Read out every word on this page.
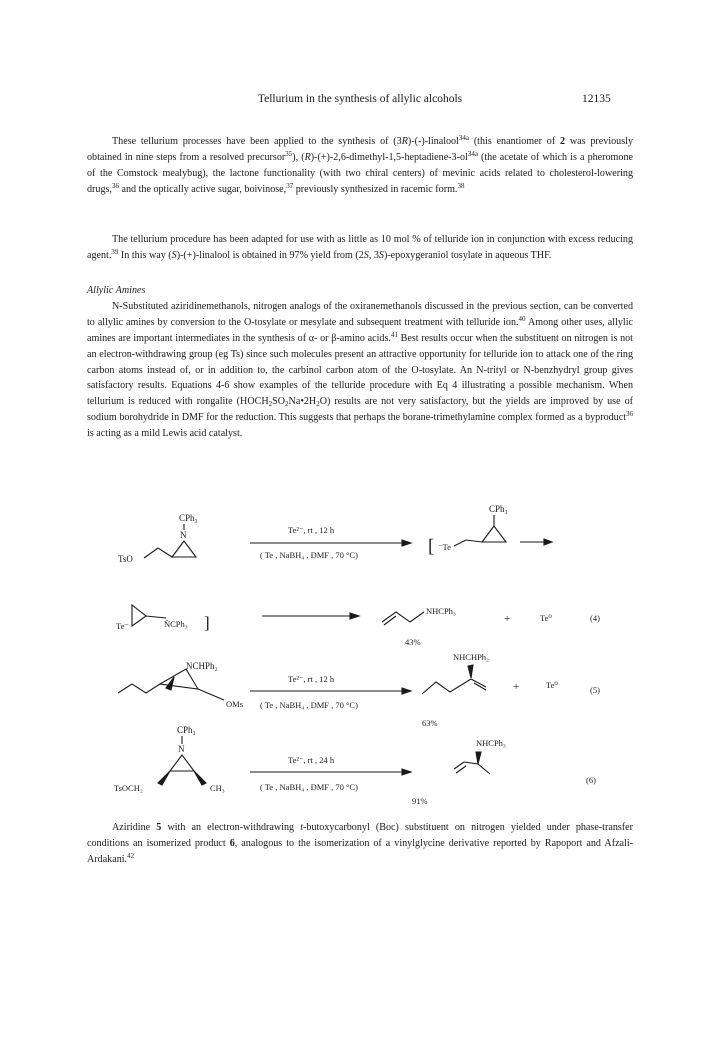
Tellurium in the synthesis of allylic alcohols	12135

These tellurium processes have been applied to the synthesis of (3R)-(-)-linalool$^{34a}$ (this enantiomer of 2 was previously obtained in nine steps from a resolved precursor$^{35}$), $(R)-(+)-2,6-dimethyl-1,5-heptadiene-3-ol^{34a}$ (the acetate of which is a pheromone of the Comstock mealybug), the lactone functionality (with two chiral centers) of mevinic acids related to cholesterol-lowering drugs,$^{36}$ and the optically active sugar, boivinose,$^{37}$ previously synthesized in racemic form.$^{38}$

The tellurium procedure has been adapted for use with as little as 10 mol % of telluride ion in conjunction with excess reducing agent.$^{39}$ In this way (S)-(+)-linalool is obtained in 97% yield from (2S, 3S)-epoxygeraniol tosylate in aqueous THF.

Allylic Amines

N-Substituted aziridinemethanols, nitrogen analogs of the oxiranemethanols discussed in the previous section, can be converted to allylic amines by conversion to the O-tosylate or mesylate and subsequent treatment with telluride ion.$^{40}$ Among other uses, allylic amines are important intermediates in the synthesis of α- or β-amino acids.$^{41}$ Best results occur when the substituent on nitrogen is not an electron-withdrawing group (eg Ts) since such molecules present an attractive opportunity for telluride ion to attack one of the ring carbon atoms instead of, or in addition to, the carbinol carbon atom of the O-tosylate. An N-trityl or N-benzhydryl group gives satisfactory results. Equations 4-6 show examples of the telluride procedure with Eq 4 illustrating a possible mechanism. When tellurium is reduced with rongalite $(HOCH_2SO_2Na•2H_2O)$ results are not very satisfactory, but the yields are improved by use of sodium borohydride in DMF for the reduction. This suggests that perhaps the borane-trimethylamine complex formed as a byproduct$^{36}$ is acting as a mild Lewis acid catalyst.

CPh₃
N
TsO
Te²⁻, rt , 12 h
( Te , NaBH₄ , DMF , 70 °C)	[ ⁻Te
CPh₃
Te⁻	N̄CPh₃ ]
NHCPh₃
43%
+	Te⁰	(4)
NCHPh₂
OMs
Te²⁻, rt , 12 h
( Te , NaBH₄ , DMF , 70 °C)
NHCHPh₂
+	Te⁰	(5)
63%
CPh₃
N
TsOCH₂	CH₃
Te²⁻, rt , 24 h
( Te , NaBH₄ , DMF , 70 °C)
NHCPh₃
(6)
91%

Aziridine 5 with an electron-withdrawing t-butoxycarbonyl (Boc) substituent on nitrogen yielded under phase-transfer conditions an isomerized product 6, analogous to the isomerization of a vinylglycine derivative reported by Rapoport and Afzali-Ardakani.$^{42}$
